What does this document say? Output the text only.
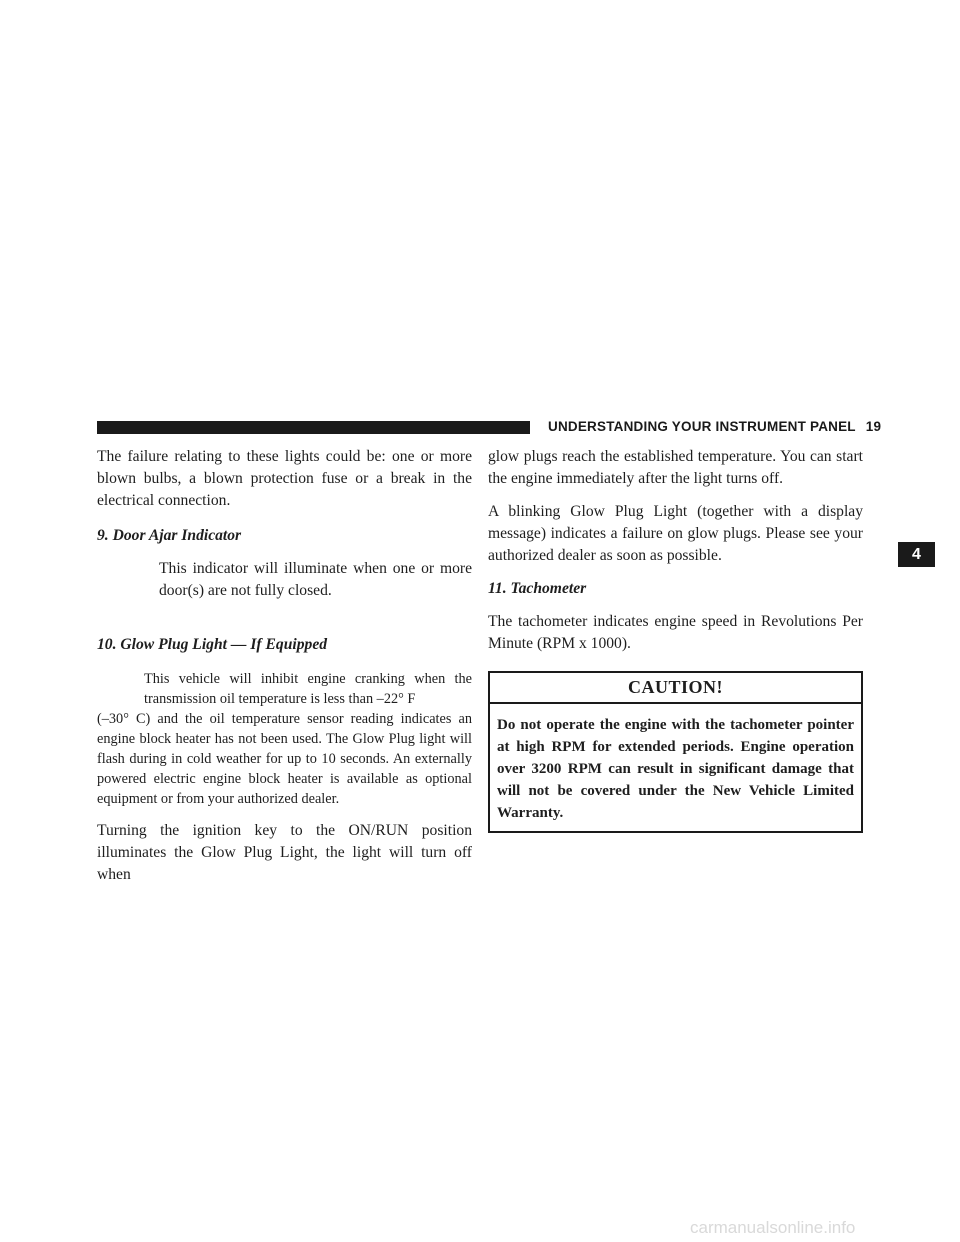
UNDERSTANDING YOUR INSTRUMENT PANEL 19
4

The failure relating to these lights could be: one or more blown bulbs, a blown protection fuse or a break in the electrical connection.

9. Door Ajar Indicator

This indicator will illuminate when one or more door(s) are not fully closed.

10. Glow Plug Light — If Equipped

This vehicle will inhibit engine cranking when the transmission oil temperature is less than –22° F
(–30° C) and the oil temperature sensor reading indicates an engine block heater has not been used. The Glow Plug light will flash during in cold weather for up to 10 seconds. An externally powered electric engine block heater is available as optional equipment or from your authorized dealer.

Turning the ignition key to the ON/RUN position illuminates the Glow Plug Light, the light will turn off when

glow plugs reach the established temperature. You can start the engine immediately after the light turns off.

A blinking Glow Plug Light (together with a display message) indicates a failure on glow plugs. Please see your authorized dealer as soon as possible.

11. Tachometer

The tachometer indicates engine speed in Revolutions Per Minute (RPM x 1000).

CAUTION!
Do not operate the engine with the tachometer pointer at high RPM for extended periods. Engine operation over 3200 RPM can result in significant damage that will not be covered under the New Vehicle Limited Warranty.
carmanualsonline.info
